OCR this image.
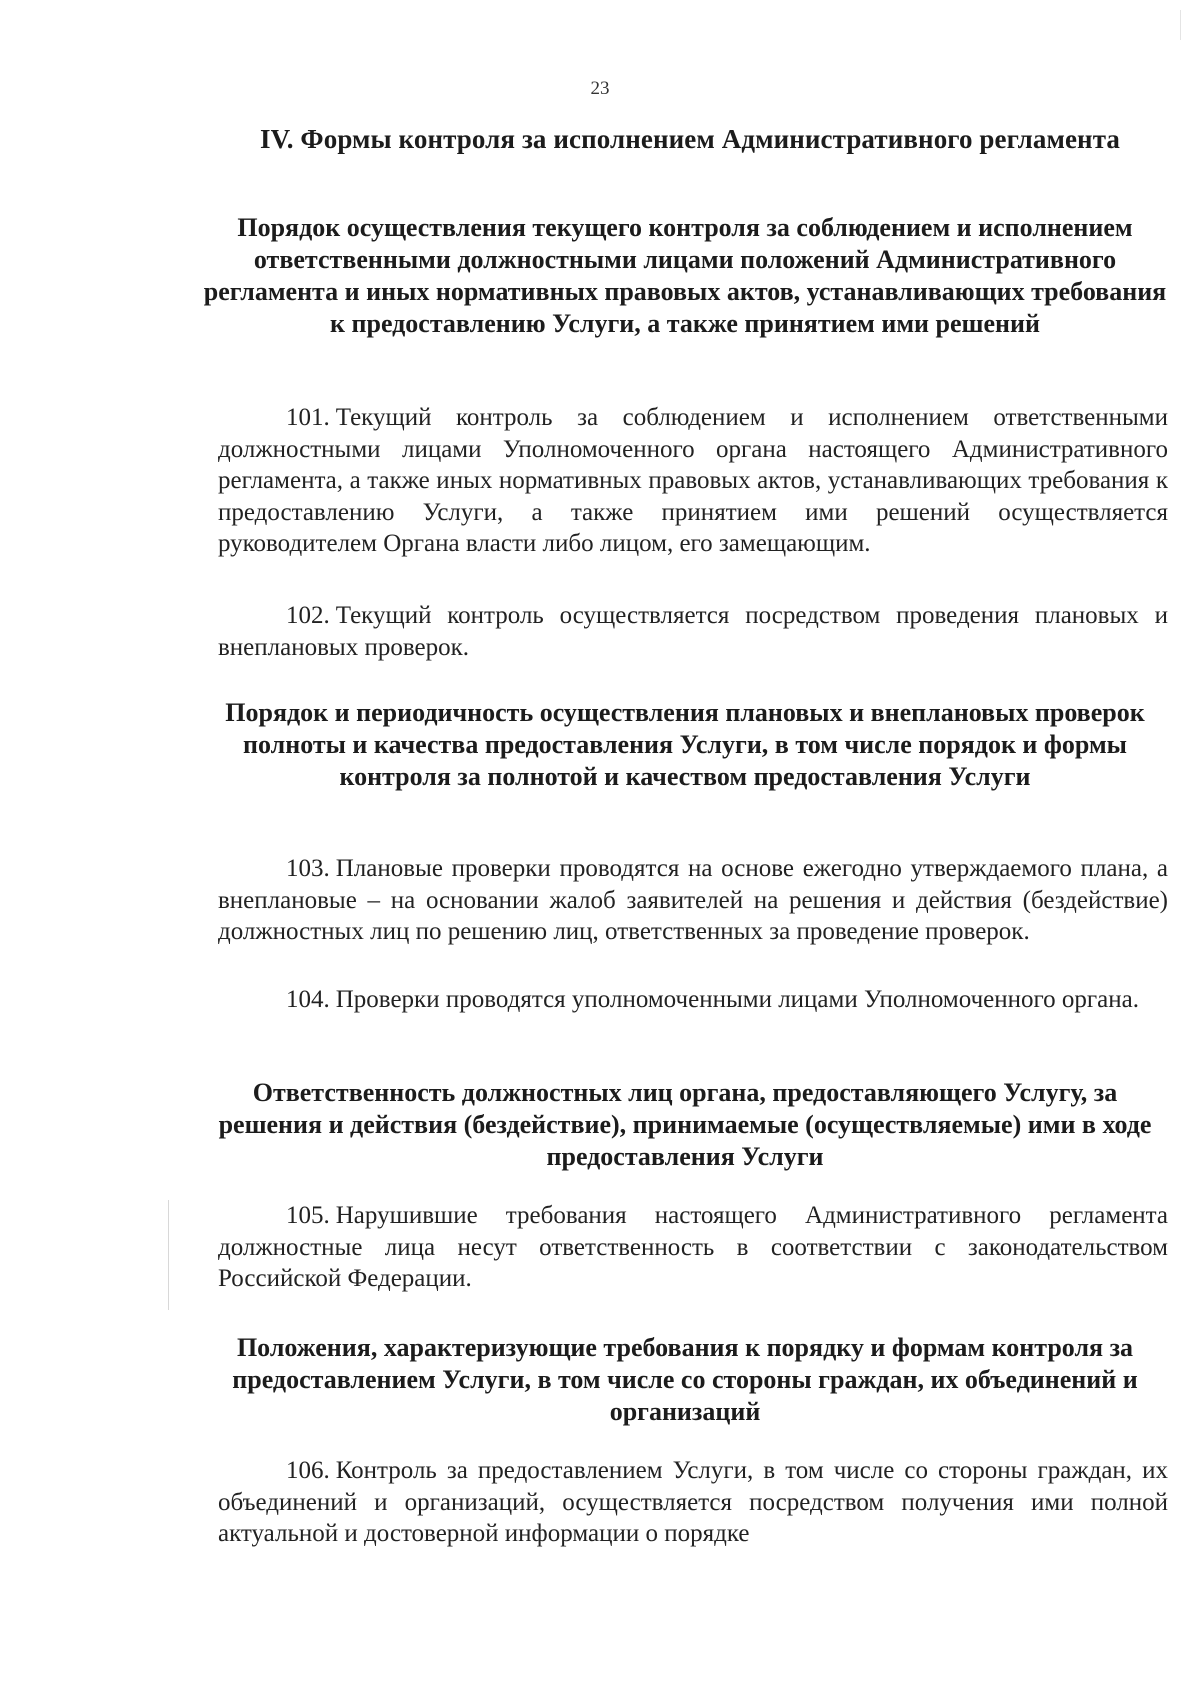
23
IV. Формы контроля за исполнением Административного регламента
Порядок осуществления текущего контроля за соблюдением и исполнением ответственными должностными лицами положений Административного регламента и иных нормативных правовых актов, устанавливающих требования к предоставлению Услуги, а также принятием ими решений
101. Текущий контроль за соблюдением и исполнением ответственными должностными лицами Уполномоченного органа настоящего Административного регламента, а также иных нормативных правовых актов, устанавливающих требования к предоставлению Услуги, а также принятием ими решений осуществляется руководителем Органа власти либо лицом, его замещающим.
102. Текущий контроль осуществляется посредством проведения плановых и внеплановых проверок.
Порядок и периодичность осуществления плановых и внеплановых проверок полноты и качества предоставления Услуги, в том числе порядок и формы контроля за полнотой и качеством предоставления Услуги
103. Плановые проверки проводятся на основе ежегодно утверждаемого плана, а внеплановые – на основании жалоб заявителей на решения и действия (бездействие) должностных лиц по решению лиц, ответственных за проведение проверок.
104. Проверки проводятся уполномоченными лицами Уполномоченного органа.
Ответственность должностных лиц органа, предоставляющего Услугу, за решения и действия (бездействие), принимаемые (осуществляемые) ими в ходе предоставления Услуги
105. Нарушившие требования настоящего Административного регламента должностные лица несут ответственность в соответствии с законодательством Российской Федерации.
Положения, характеризующие требования к порядку и формам контроля за предоставлением Услуги, в том числе со стороны граждан, их объединений и организаций
106. Контроль за предоставлением Услуги, в том числе со стороны граждан, их объединений и организаций, осуществляется посредством получения ими полной актуальной и достоверной информации о порядке
